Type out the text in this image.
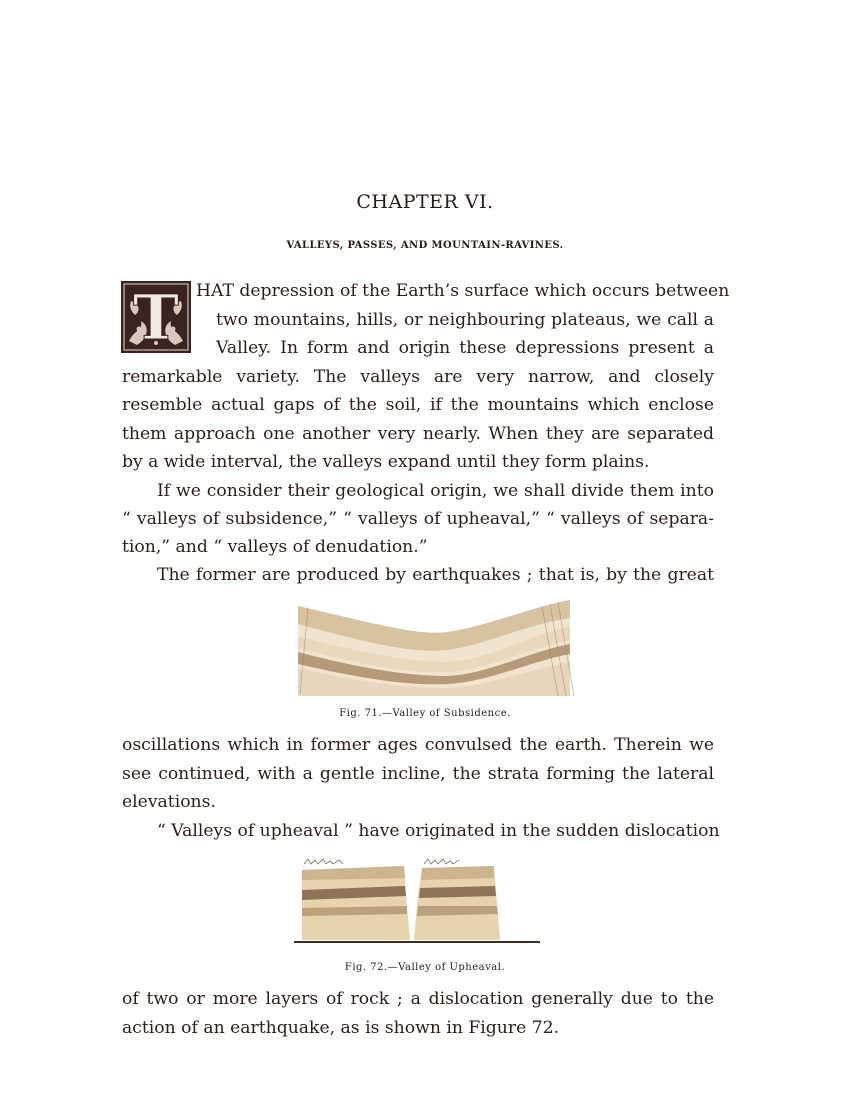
CHAPTER VI.
VALLEYS, PASSES, AND MOUNTAIN-RAVINES.
T HAT depression of the Earth’s surface which occurs between
two mountains, hills, or neighbouring plateaus, we call a
Valley. In form and origin these depressions present a
remarkable variety. The valleys are very narrow, and closely
resemble actual gaps of the soil, if the mountains which enclose
them approach one another very nearly. When they are separated
by a wide interval, the valleys expand until they form plains.
If we consider their geological origin, we shall divide them into
“ valleys of subsidence,” “ valleys of upheaval,” “ valleys of separa-
tion,” and “ valleys of denudation.”
The former are produced by earthquakes ; that is, by the great
Fig. 71.—Valley of Subsidence.
oscillations which in former ages convulsed the earth. Therein we
see continued, with a gentle incline, the strata forming the lateral
elevations.
“ Valleys of upheaval ” have originated in the sudden dislocation
Fig. 72.—Valley of Upheaval.
of two or more layers of rock ; a dislocation generally due to the
action of an earthquake, as is shown in Figure 72.
